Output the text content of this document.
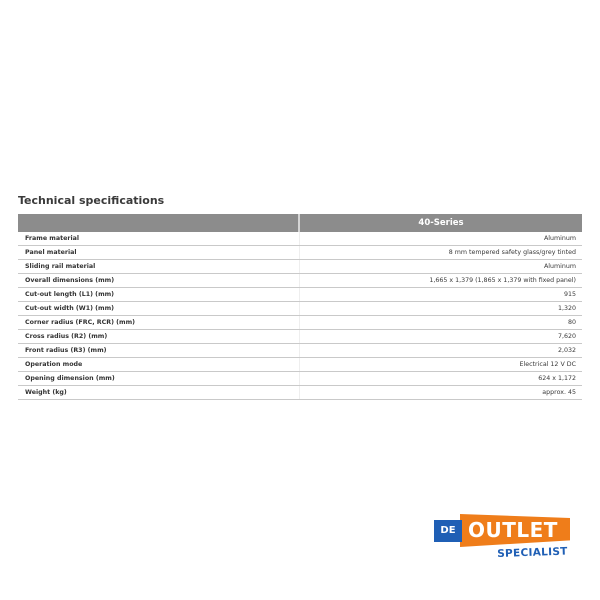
Technical specifications
	40-Series
Frame material	Aluminum
Panel material	8 mm tempered safety glass/grey tinted
Sliding rail material	Aluminum
Overall dimensions (mm)	1,665 x 1,379 (1,865 x 1,379 with fixed panel)
Cut-out length (L1) (mm)	915
Cut-out width (W1) (mm)	1,320
Corner radius (FRC, RCR) (mm)	80
Cross radius (R2) (mm)	7,620
Front radius (R3) (mm)	2,032
Operation mode	Electrical 12 V DC
Opening dimension (mm)	624 x 1,172
Weight (kg)	approx. 45
DE OUTLET
SPECIALIST
